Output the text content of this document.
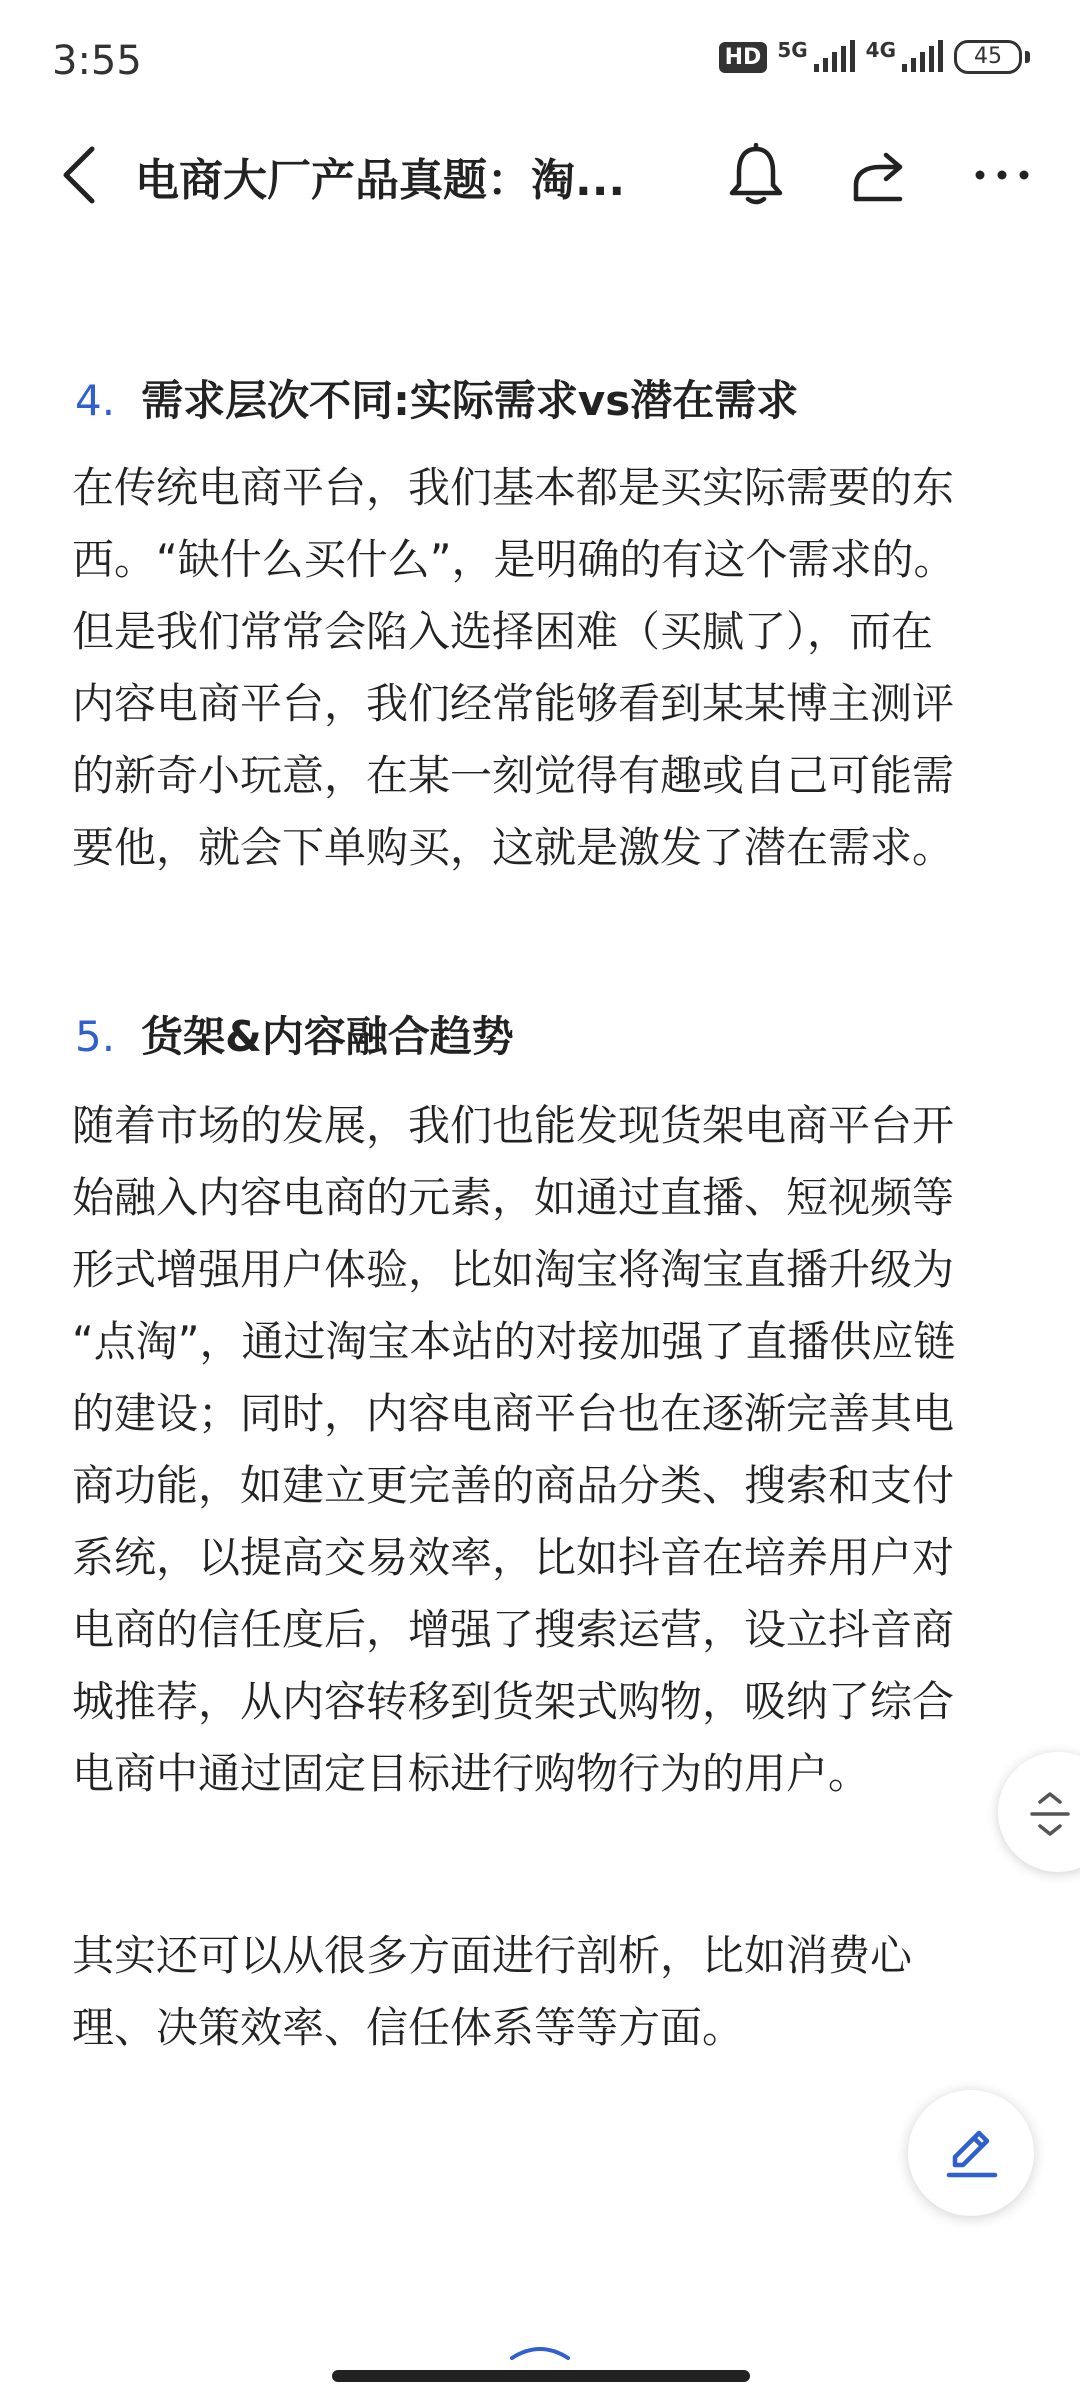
3:55	HD 5G	4G	45
电商大厂产品真题：淘...
4. 需求层次不同:实际需求vs潜在需求
在传统电商平台，我们基本都是买实际需要的东
西。“缺什么买什么”，是明确的有这个需求的。
但是我们常常会陷入选择困难（买腻了），而在
内容电商平台，我们经常能够看到某某博主测评
的新奇小玩意，在某一刻觉得有趣或自己可能需
要他，就会下单购买，这就是激发了潜在需求。
5. 货架&内容融合趋势
随着市场的发展，我们也能发现货架电商平台开
始融入内容电商的元素，如通过直播、短视频等
形式增强用户体验，比如淘宝将淘宝直播升级为
“点淘”，通过淘宝本站的对接加强了直播供应链
的建设；同时，内容电商平台也在逐渐完善其电
商功能，如建立更完善的商品分类、搜索和支付
系统，以提高交易效率，比如抖音在培养用户对
电商的信任度后，增强了搜索运营，设立抖音商
城推荐，从内容转移到货架式购物，吸纳了综合
电商中通过固定目标进行购物行为的用户。
其实还可以从很多方面进行剖析，比如消费心
理、决策效率、信任体系等等方面。
